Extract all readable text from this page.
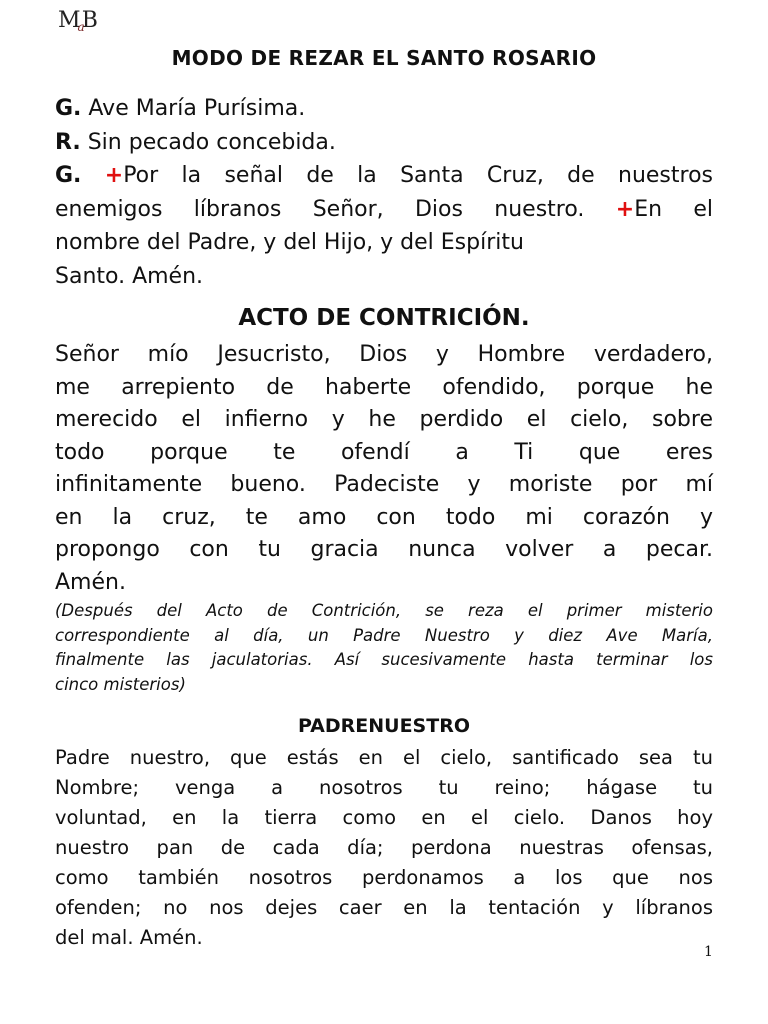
MaB
MODO DE REZAR EL SANTO ROSARIO
G. Ave María Purísima.
R. Sin pecado concebida.
G. +Por la señal de la Santa Cruz, de nuestros
enemigos líbranos Señor, Dios nuestro. +En el
nombre del Padre, y del Hijo, y del Espíritu
Santo. Amén.
ACTO DE CONTRICIÓN.
Señor mío Jesucristo, Dios y Hombre verdadero,
me arrepiento de haberte ofendido, porque he
merecido el infierno y he perdido el cielo, sobre
todo porque te ofendí a Ti que eres
infinitamente bueno. Padeciste y moriste por mí
en la cruz, te amo con todo mi corazón y
propongo con tu gracia nunca volver a pecar.
Amén.
(Después del Acto de Contrición, se reza el primer misterio
correspondiente al día, un Padre Nuestro y diez Ave María,
finalmente las jaculatorias. Así sucesivamente hasta terminar los
cinco misterios)
PADRENUESTRO
Padre nuestro, que estás en el cielo, santificado sea tu
Nombre; venga a nosotros tu reino; hágase tu
voluntad, en la tierra como en el cielo. Danos hoy
nuestro pan de cada día; perdona nuestras ofensas,
como también nosotros perdonamos a los que nos
ofenden; no nos dejes caer en la tentación y líbranos
del mal. Amén.
1
